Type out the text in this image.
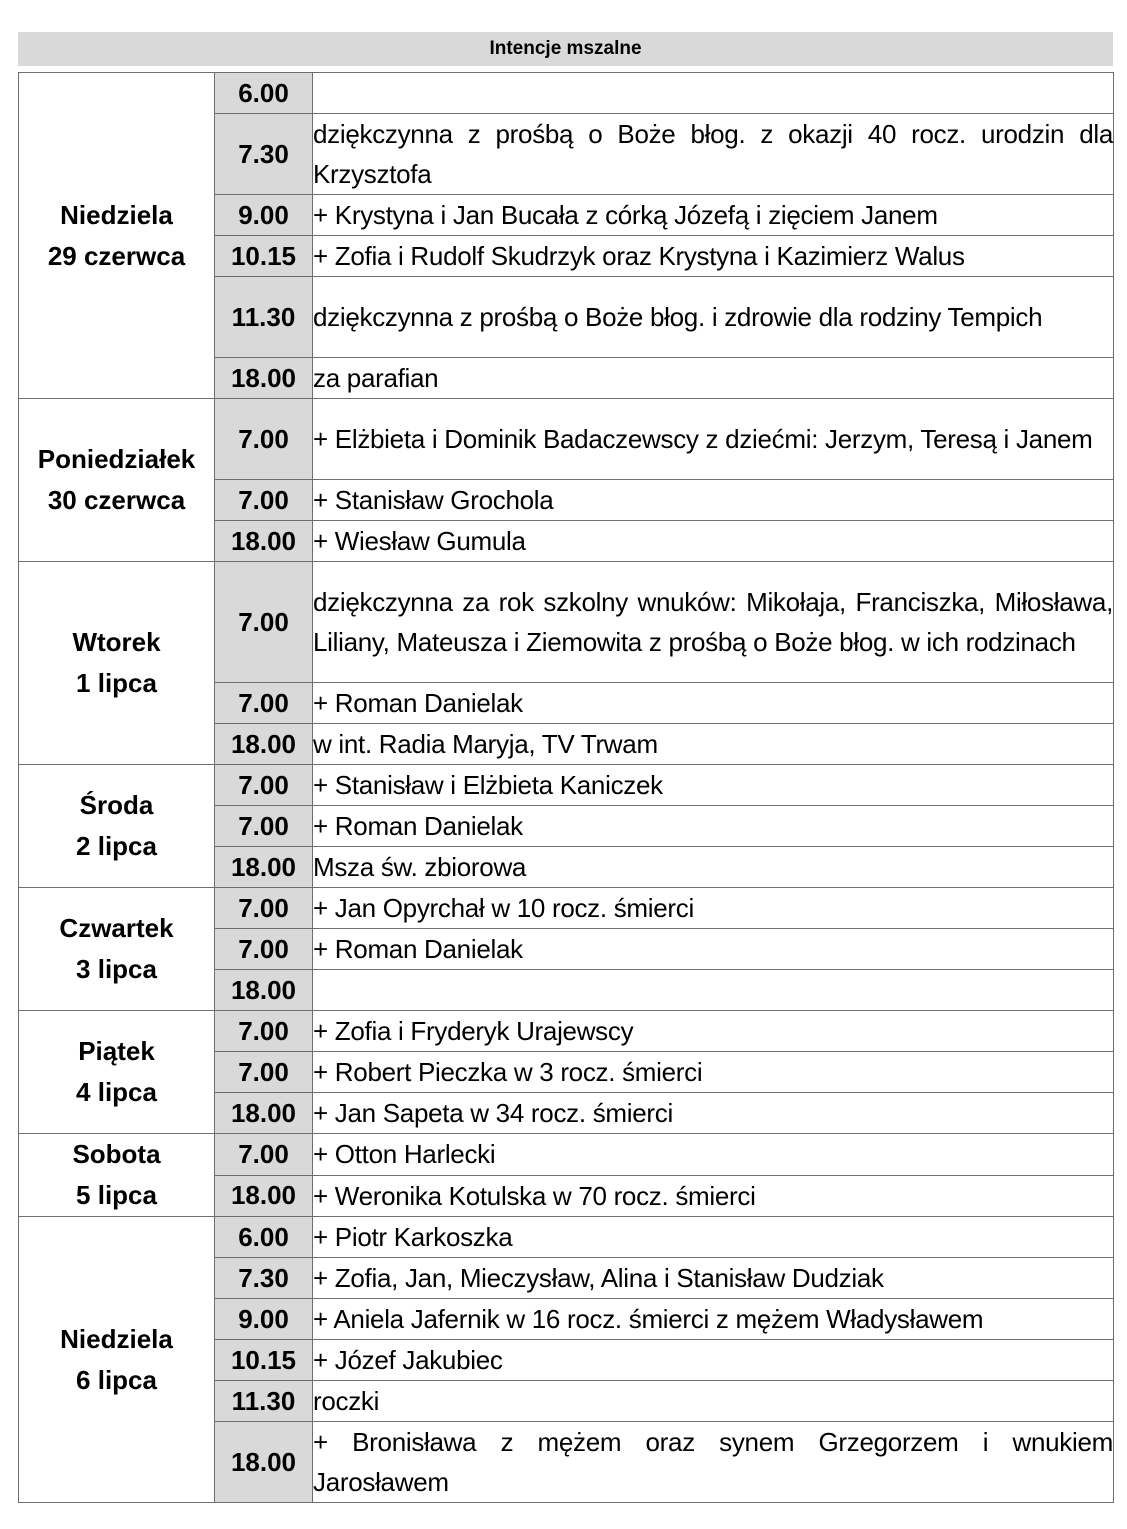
Intencje mszalne
Niedziela
29 czerwca	6.00	
	7.30	dziękczynna z prośbą o Boże błog. z okazji 40 rocz. urodzin dla Krzysztofa
	9.00	+ Krystyna i Jan Bucała z córką Józefą i zięciem Janem
	10.15	+ Zofia i Rudolf Skudrzyk oraz Krystyna i Kazimierz Walus
	11.30	dziękczynna z prośbą o Boże błog. i zdrowie dla rodziny Tempich
	18.00	za parafian

Poniedziałek
30 czerwca	7.00	+ Elżbieta i Dominik Badaczewscy z dziećmi: Jerzym, Teresą i Janem
	7.00	+ Stanisław Grochola
	18.00	+ Wiesław Gumula

Wtorek
1 lipca	7.00	dziękczynna za rok szkolny wnuków: Mikołaja, Franciszka, Miłosława, Liliany, Mateusza i Ziemowita z prośbą o Boże błog. w ich rodzinach
	7.00	+ Roman Danielak
	18.00	w int. Radia Maryja, TV Trwam

Środa
2 lipca	7.00	+ Stanisław i Elżbieta Kaniczek
	7.00	+ Roman Danielak
	18.00	Msza św. zbiorowa

Czwartek
3 lipca	7.00	+ Jan Opyrchał w 10 rocz. śmierci
	7.00	+ Roman Danielak
	18.00	

Piątek
4 lipca	7.00	+ Zofia i Fryderyk Urajewscy
	7.00	+ Robert Pieczka w 3 rocz. śmierci
	18.00	+ Jan Sapeta w 34 rocz. śmierci

Sobota
5 lipca	7.00	+ Otton Harlecki
	18.00	+ Weronika Kotulska w 70 rocz. śmierci

Niedziela
6 lipca	6.00	+ Piotr Karkoszka
	7.30	+ Zofia, Jan, Mieczysław, Alina i Stanisław Dudziak
	9.00	+ Aniela Jafernik w 16 rocz. śmierci z mężem Władysławem
	10.15	+ Józef Jakubiec
	11.30	roczki
	18.00	+ Bronisława z mężem oraz synem Grzegorzem i wnukiem Jarosławem
